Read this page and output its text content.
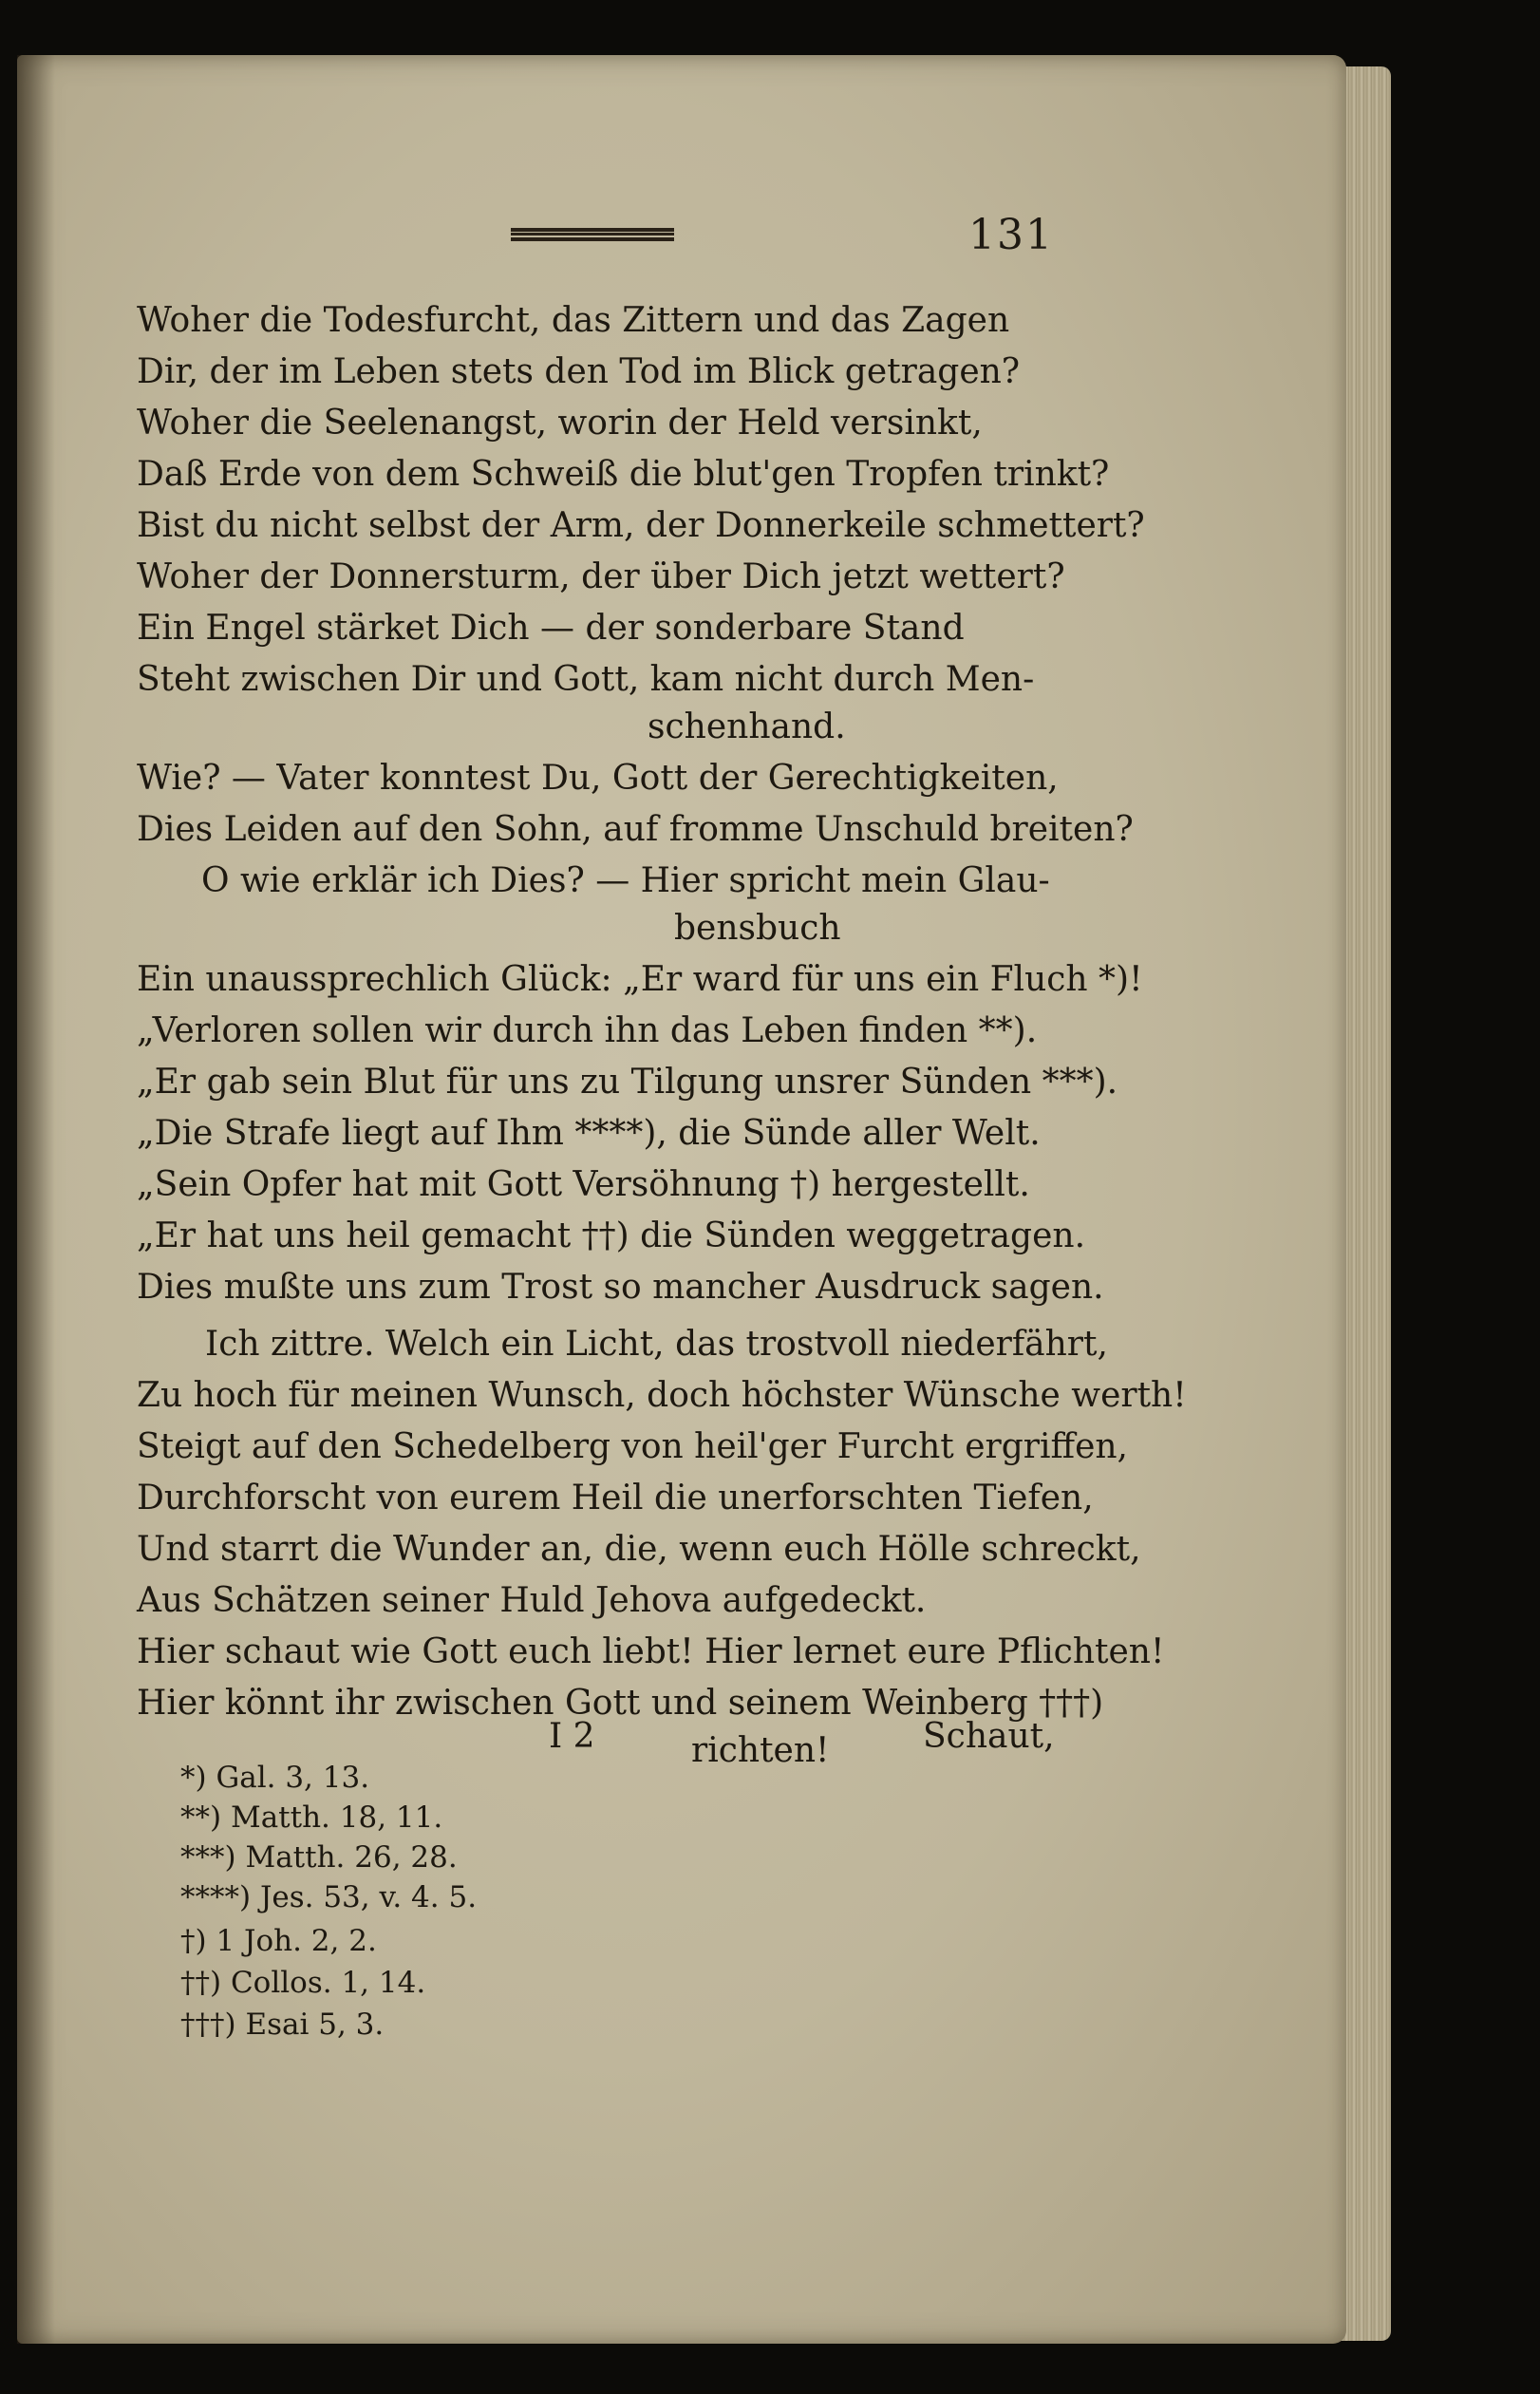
131
Woher die Todesfurcht, das Zittern und das Zagen
Dir, der im Leben stets den Tod im Blick getragen?
Woher die Seelenangst, worin der Held versinkt,
Daß Erde von dem Schweiß die blut'gen Tropfen trinkt?
Bist du nicht selbst der Arm, der Donnerkeile schmettert?
Woher der Donnersturm, der über Dich jetzt wettert?
Ein Engel stärket Dich — der sonderbare Stand
Steht zwischen Dir und Gott, kam nicht durch Men-
schenhand.
Wie? — Vater konntest Du, Gott der Gerechtigkeiten,
Dies Leiden auf den Sohn, auf fromme Unschuld breiten?
O wie erklär ich Dies? — Hier spricht mein Glau-
bensbuch
Ein unaussprechlich Glück: „Er ward für uns ein Fluch *)!
„Verloren sollen wir durch ihn das Leben finden **).
„Er gab sein Blut für uns zu Tilgung unsrer Sünden ***).
„Die Strafe liegt auf Ihm ****), die Sünde aller Welt.
„Sein Opfer hat mit Gott Versöhnung †) hergestellt.
„Er hat uns heil gemacht ††) die Sünden weggetragen.
Dies mußte uns zum Trost so mancher Ausdruck sagen.
Ich zittre. Welch ein Licht, das trostvoll niederfährt,
Zu hoch für meinen Wunsch, doch höchster Wünsche werth!
Steigt auf den Schedelberg von heil'ger Furcht ergriffen,
Durchforscht von eurem Heil die unerforschten Tiefen,
Und starrt die Wunder an, die, wenn euch Hölle schreckt,
Aus Schätzen seiner Huld Jehova aufgedeckt.
Hier schaut wie Gott euch liebt! Hier lernet eure Pflichten!
Hier könnt ihr zwischen Gott und seinem Weinberg †††)
richten!
I 2	Schaut,
*) Gal. 3, 13.
**) Matth. 18, 11.
***) Matth. 26, 28.
****) Jes. 53, v. 4. 5.
†) 1 Joh. 2, 2.
††) Collos. 1, 14.
†††) Esai 5, 3.
